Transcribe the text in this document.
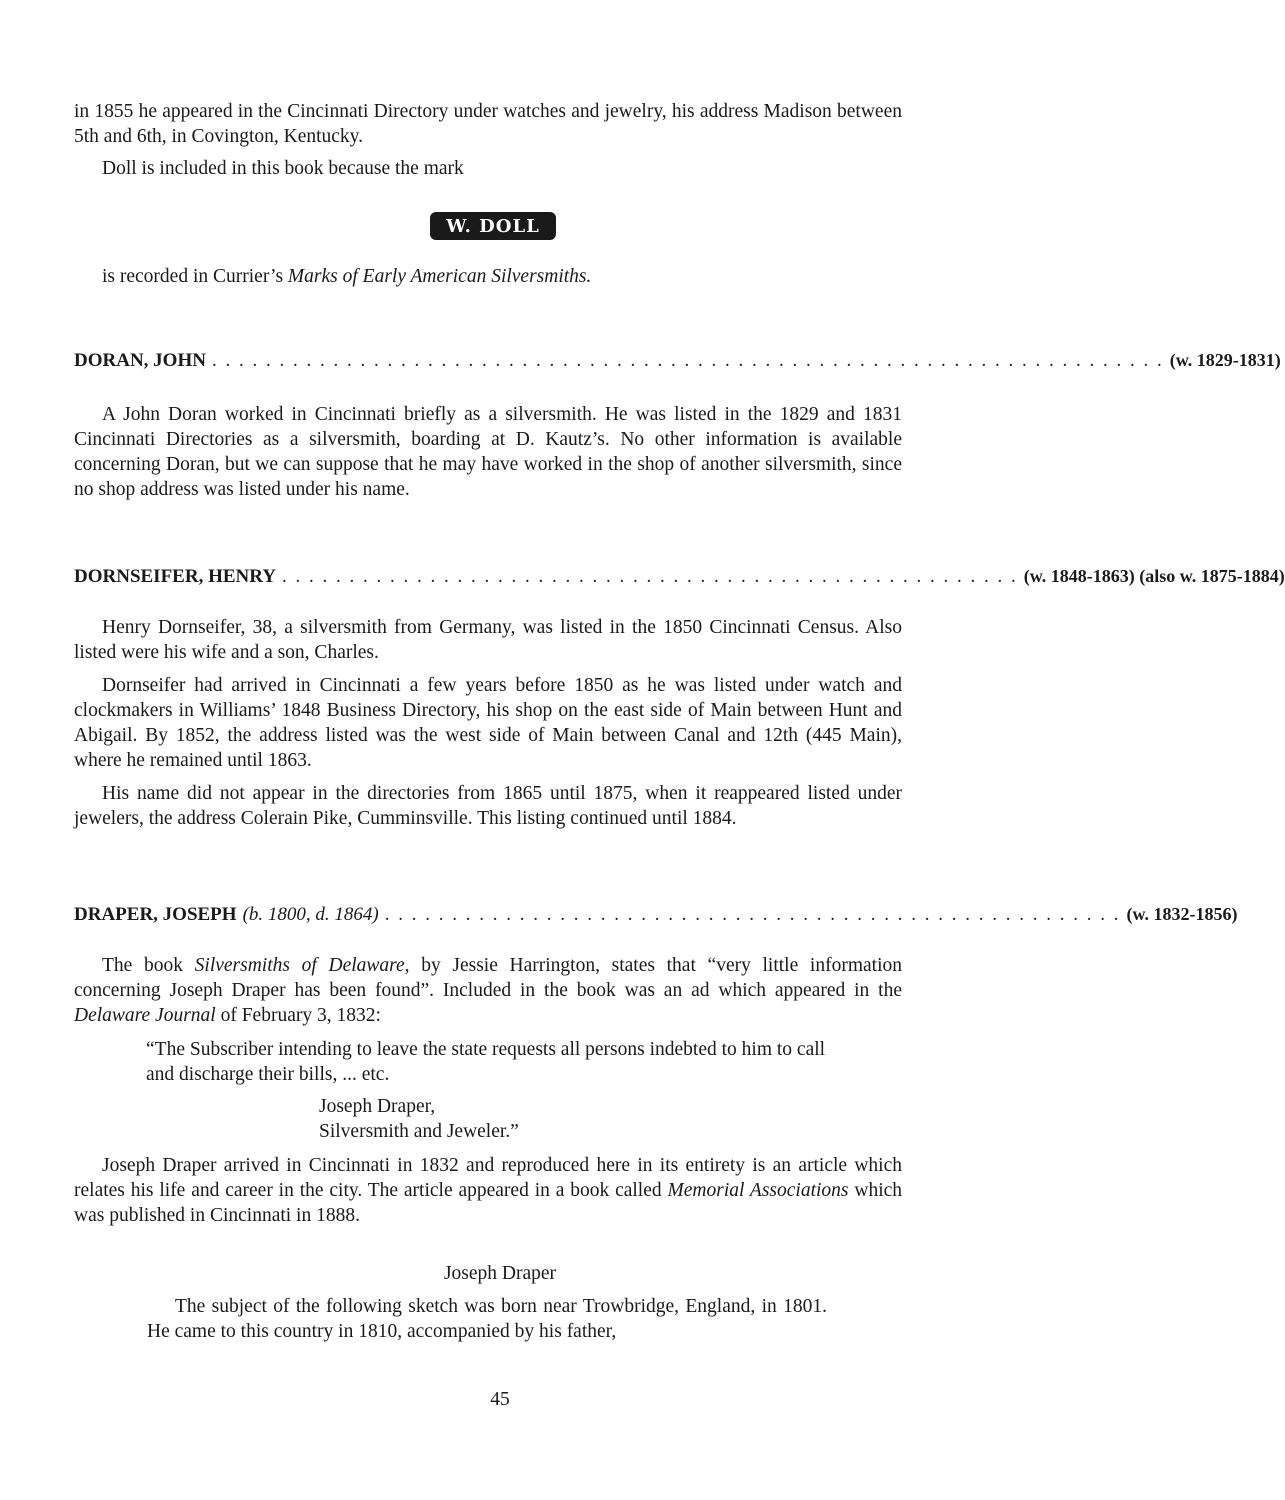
in 1855 he appeared in the Cincinnati Directory under watches and jewelry, his address Madison between 5th and 6th, in Covington, Kentucky.

Doll is included in this book because the mark

W. DOLL

is recorded in Currier’s Marks of Early American Silversmiths.

DORAN, JOHN . . . . . . . . . . . . . . . . . . . . . . . . . . . . . . . . . . . . . . . . . . . . . . . . . . . . . . . . . . . . . . . . . . . . . . . (w. 1829-1831)

A John Doran worked in Cincinnati briefly as a silversmith. He was listed in the 1829 and 1831 Cincinnati Directories as a silversmith, boarding at D. Kautz’s. No other information is available concerning Doran, but we can suppose that he may have worked in the shop of another silversmith, since no shop address was listed under his name.

DORNSEIFER, HENRY . . . . . . . . . . . . . . . . . . . . . . . . . . . . . . . . . . . . . . . . . . . . . . . . . . . . . . . (w. 1848-1863) (also w. 1875-1884)

Henry Dornseifer, 38, a silversmith from Germany, was listed in the 1850 Cincinnati Census. Also listed were his wife and a son, Charles.

Dornseifer had arrived in Cincinnati a few years before 1850 as he was listed under watch and clockmakers in Williams’ 1848 Business Directory, his shop on the east side of Main between Hunt and Abigail. By 1852, the address listed was the west side of Main between Canal and 12th (445 Main), where he remained until 1863.

His name did not appear in the directories from 1865 until 1875, when it reappeared listed under jewelers, the address Colerain Pike, Cumminsville. This listing continued until 1884.

DRAPER, JOSEPH (b. 1800, d. 1864) . . . . . . . . . . . . . . . . . . . . . . . . . . . . . . . . . . . . . . . . . . . . . . . . . . . . . . . (w. 1832-1856)

The book Silversmiths of Delaware, by Jessie Harrington, states that “very little information concerning Joseph Draper has been found”. Included in the book was an ad which appeared in the Delaware Journal of February 3, 1832:

“The Subscriber intending to leave the state requests all persons indebted to him to call and discharge their bills, ... etc.

Joseph Draper,

Silversmith and Jeweler.”

Joseph Draper arrived in Cincinnati in 1832 and reproduced here in its entirety is an article which relates his life and career in the city. The article appeared in a book called Memorial Associations which was published in Cincinnati in 1888.

Joseph Draper

The subject of the following sketch was born near Trowbridge, England, in 1801. He came to this country in 1810, accompanied by his father,

45
